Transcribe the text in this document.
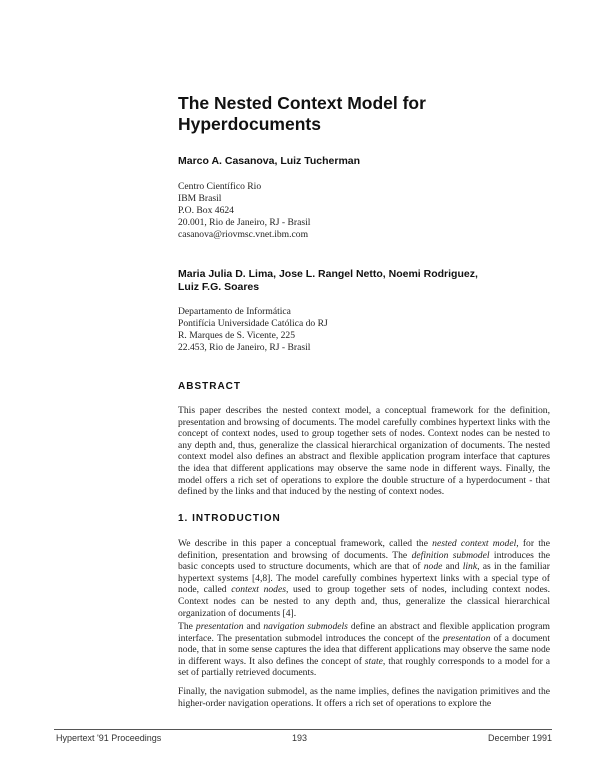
The Nested Context Model for
Hyperdocuments
Marco A. Casanova, Luiz Tucherman
Centro Científico Rio
IBM Brasil
P.O. Box 4624
20.001, Rio de Janeiro, RJ - Brasil
casanova@riovmsc.vnet.ibm.com
Maria Julia D. Lima, Jose L. Rangel Netto, Noemi Rodriguez,
Luiz F.G. Soares
Departamento de Informática
Pontifícia Universidade Católica do RJ
R. Marques de S. Vicente, 225
22.453, Rio de Janeiro, RJ - Brasil
ABSTRACT

This paper describes the nested context model, a conceptual framework for the definition, presentation and browsing of documents. The model carefully combines hypertext links with the concept of context nodes, used to group together sets of nodes. Context nodes can be nested to any depth and, thus, generalize the classical hierarchical organization of documents. The nested context model also defines an abstract and flexible application program interface that captures the idea that different applications may observe the same node in different ways. Finally, the model offers a rich set of operations to explore the double structure of a hyperdocument - that defined by the links and that induced by the nesting of context nodes.

1. INTRODUCTION

We describe in this paper a conceptual framework, called the nested context model, for the definition, presentation and browsing of documents. The definition submodel introduces the basic concepts used to structure documents, which are that of node and link, as in the familiar hypertext systems [4,8]. The model carefully combines hypertext links with a special type of node, called context nodes, used to group together sets of nodes, including context nodes. Context nodes can be nested to any depth and, thus, generalize the classical hierarchical organization of documents [4].

The presentation and navigation submodels define an abstract and flexible application program interface. The presentation submodel introduces the concept of the presentation of a document node, that in some sense captures the idea that different applications may observe the same node in different ways. It also defines the concept of state, that roughly corresponds to a model for a set of partially retrieved documents.

Finally, the navigation submodel, as the name implies, defines the navigation primitives and the higher-order navigation operations. It offers a rich set of operations to explore the

Hypertext '91 Proceedings	193	December 1991
